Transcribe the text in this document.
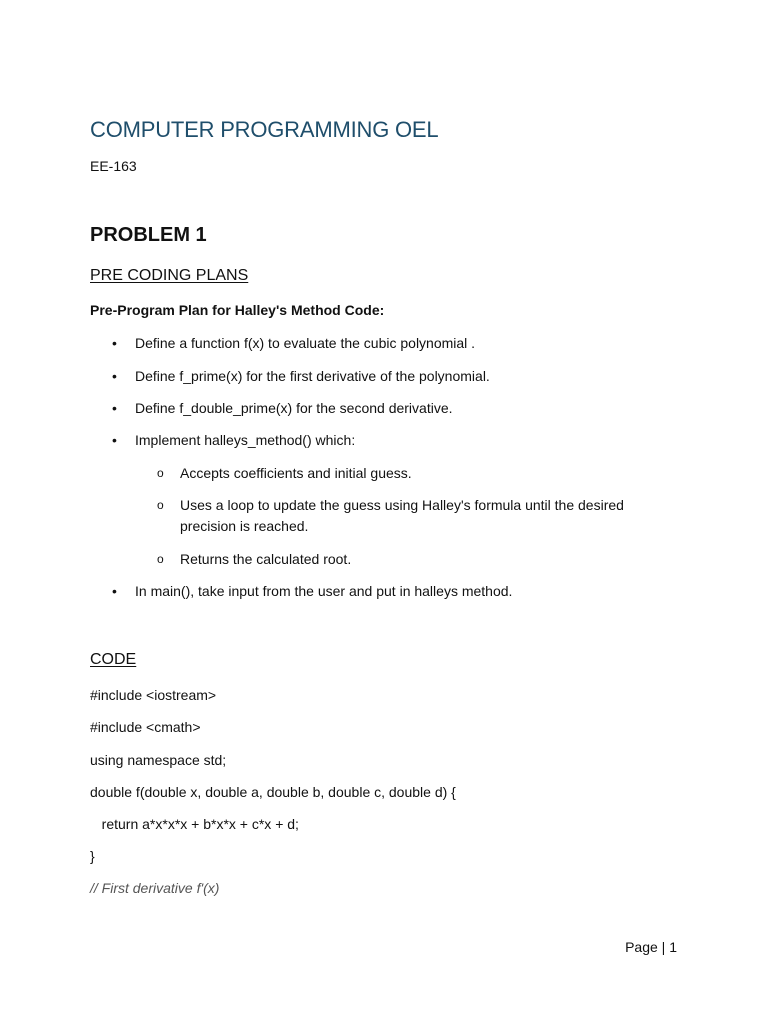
COMPUTER PROGRAMMING OEL
EE-163
PROBLEM 1
PRE CODING PLANS
Pre-Program Plan for Halley's Method Code:
•	Define a function f(x) to evaluate the cubic polynomial .
•	Define f_prime(x) for the first derivative of the polynomial.
•	Define f_double_prime(x) for the second derivative.
•	Implement halleys_method() which:
o Accepts coefficients and initial guess.
o Uses a loop to update the guess using Halley's formula until the desired precision is reached.
o Returns the calculated root.
•	In main(), take input from the user and put in halleys method.
CODE
#include <iostream>
#include <cmath>
using namespace std;
double f(double x, double a, double b, double c, double d) {
return a*x*x*x + b*x*x + c*x + d;
}
// First derivative f'(x)
Page | 1
